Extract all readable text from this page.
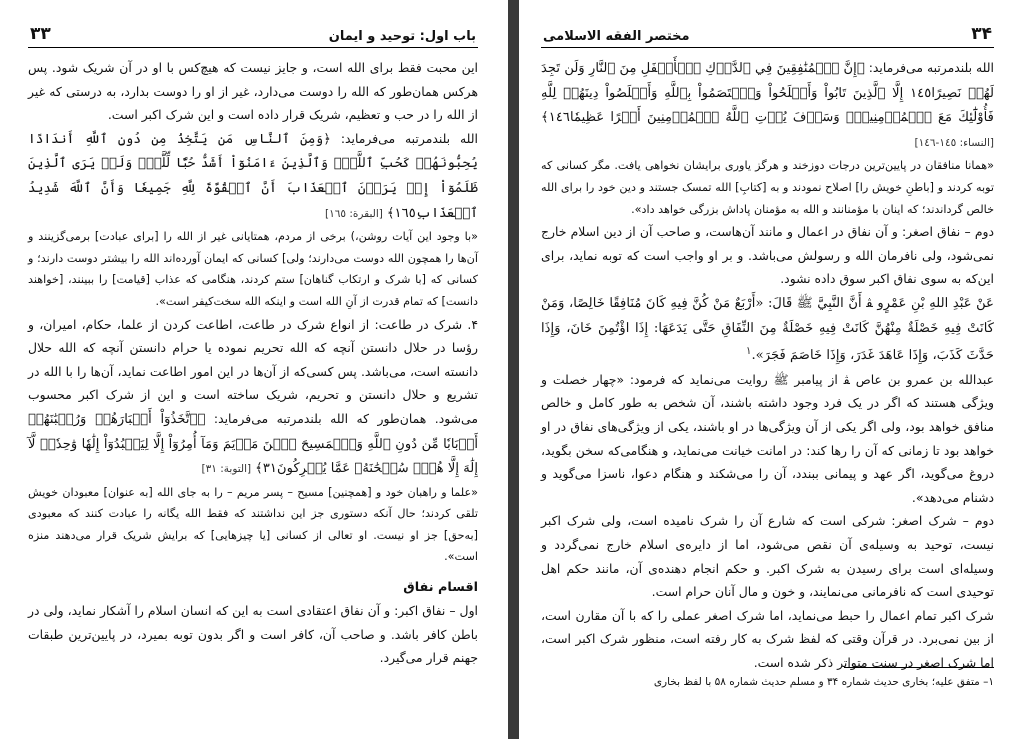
باب اول: توحید و ایمان
۳۳

این محبت فقط برای الله است، و جایز نیست که هیچ‌کس با او در آن شریک شود. پس هرکس همان‌طور که الله را دوست می‌دارد، غیر از او را دوست بدارد، به درستی که غیر از الله را در حب و تعظیم، شریک قرار داده است و این شرک اکبر است.

الله بلندمرتبه می‌فرماید: ﴿وَمِنَ ٱلنَّاسِ مَن يَتَّخِذُ مِن دُونِ ٱللَّهِ أَندَادًا يُحِبُّونَهُمۡ كَحُبِّ ٱللَّهِۖ وَٱلَّذِينَ ءَامَنُوٓاْ أَشَدُّ حُبّٗا لِّلَّهِۗ وَلَوۡ يَرَى ٱلَّذِينَ ظَلَمُوٓاْ إِذۡ يَرَوۡنَ ٱلۡعَذَابَ أَنَّ ٱلۡقُوَّةَ لِلَّهِ جَمِيعٗا وَأَنَّ ٱللَّهَ شَدِيدُ ٱلۡعَذَابِ١٦٥﴾ [البقرة: ١٦٥]

«با وجود این آیات روشن،) برخی از مردم، همتایانی غیر از الله را [برای عبادت] برمی‌گزینند و آن‌ها را همچون الله دوست می‌دارند؛ ولی] کسانی که ایمان آورده‌اند الله را بیشتر دوست دارند؛ و کسانی که [با شرک و ارتکاب گناهان] ستم کردند، هنگامی که عذاب [قیامت] را ببینند، [خواهند دانست] که تمام قدرت از آنِ الله است و اینکه الله سخت‌کیفر است».

۴. شرک در طاعت: از انواع شرک در طاعت، اطاعت کردن از علما، حکام، امیران، و رؤسا در حلال دانستن آنچه که الله تحریم نموده یا حرام دانستن آنچه که الله حلال دانسته است، می‌باشد. پس کسی‌که از آن‌ها در این امور اطاعت نماید، آن‌ها را با الله در تشریع و حلال دانستن و تحریم، شریک ساخته است و این از شرک اکبر محسوب می‌شود. همان‌طور که الله بلندمرتبه می‌فرماید: ﴿ٱتَّخَذُوٓاْ أَحۡبَارَهُمۡ وَرُهۡبَٰنَهُمۡ أَرۡبَابٗا مِّن دُونِ ٱللَّهِ وَٱلۡمَسِيحَ ٱبۡنَ مَرۡيَمَ وَمَآ أُمِرُوٓاْ إِلَّا لِيَعۡبُدُوٓاْ إِلَٰهٗا وَٰحِدٗاۖ لَّآ إِلَٰهَ إِلَّا هُوَۚ سُبۡحَٰنَهُۥ عَمَّا يُشۡرِكُونَ٣١﴾ [التوبة: ٣١]

«علما و راهبان خود و [همچنین] مسیح – پسر مریم – را به جای الله [به عنوان] معبودان خویش تلقی کردند؛ حال آنکه دستوری جز این نداشتند که فقط الله یگانه را عبادت کنند که معبودی [به‌حق] جز او نیست. او تعالی از کسانی [یا چیزهایی] که برایش شریک قرار می‌دهند منزه است».

اقسام نفاق

اول – نفاق اکبر: و آن نفاق اعتقادی است به این که انسان اسلام را آشکار نماید، ولی در باطن کافر باشد. و صاحب آن، کافر است و اگر بدون توبه بمیرد، در پایین‌ترین طبقات جهنم قرار می‌گیرد.

۳۴
مختصر الفقه الاسلامی

الله بلندمرتبه می‌فرماید: ﴿إِنَّ ٱلۡمُنَٰفِقِينَ فِي ٱلدَّرۡكِ ٱلۡأَسۡفَلِ مِنَ ٱلنَّارِ وَلَن تَجِدَ لَهُمۡ نَصِيرًا١٤٥ إِلَّا ٱلَّذِينَ تَابُواْ وَأَصۡلَحُواْ وَٱعۡتَصَمُواْ بِٱللَّهِ وَأَخۡلَصُواْ دِينَهُمۡ لِلَّهِ فَأُوْلَٰٓئِكَ مَعَ ٱلۡمُؤۡمِنِينَۖ وَسَوۡفَ يُؤۡتِ ٱللَّهُ ٱلۡمُؤۡمِنِينَ أَجۡرًا عَظِيمٗا١٤٦﴾ [النساء: ١٤٥-١٤٦]

«همانا منافقان در پایین‌ترین درجات دوزخند و هرگز یاوری برایشان نخواهی یافت. مگر کسانی که توبه کردند و [باطنِ خویش را] اصلاح نمودند و به [کتابِ] الله تمسک جستند و دین خود را برای الله خالص گرداندند؛ که اینان با مؤمنانند و الله به مؤمنان پاداش بزرگی خواهد داد».

دوم – نفاق اصغر: و آن نفاق در اعمال و مانند آن‌هاست، و صاحب آن از دین اسلام خارج نمی‌شود، ولی نافرمان الله و رسولش می‌باشد. و بر او واجب است که توبه نماید، برای این‌که به سوی نفاق اکبر سوق داده نشود.

عَنْ عَبْدِ اللهِ بْنِ عَمْرٍو ﭭ أَنَّ النَّبِيَّ ﷺ قَالَ: «أَرْبَعٌ مَنْ كُنَّ فِيهِ كَانَ مُنَافِقًا خَالِصًا، وَمَنْ كَانَتْ فِيهِ خَصْلَةٌ مِنْهُنَّ كَانَتْ فِيهِ خَصْلَةٌ مِنَ النِّفَاقِ حَتَّى يَدَعَهَا: إِذَا اؤْتُمِنَ خَانَ، وَإِذَا حَدَّثَ كَذَبَ، وَإِذَا عَاهَدَ غَدَرَ، وَإِذَا خَاصَمَ فَجَرَ».$^١$

عبدالله بن عمرو بن عاص ﭭ از پیامبر ﷺ روایت می‌نماید که فرمود: «چهار خصلت و ویژگی هستند که اگر در یک فرد وجود داشته باشند، آن شخص به طور کامل و خالص منافق خواهد بود، ولی اگر یکی از آن ویژگی‌ها در او باشند، یکی از ویژگی‌های نفاق در او خواهد بود تا زمانی که آن را رها کند: در امانت خیانت می‌نماید، و هنگامی‌که سخن بگوید، دروغ می‌گوید، اگر عهد و پیمانی ببندد، آن را می‌شکند و هنگام دعوا، ناسزا می‌گوید و دشنام می‌دهد».

دوم – شرک اصغر: شرکی است که شارع آن را شرک نامیده است، ولی شرک اکبر نیست، توحید به وسیله‌ی آن نقص می‌شود، اما از دایره‌ی اسلام خارج نمی‌گردد و وسیله‌ای است برای رسیدن به شرک اکبر. و حکم انجام دهنده‌ی آن، مانند حکم اهل توحیدی است که نافرمانی می‌نمایند، و خون و مال آنان حرام است.

شرک اکبر تمام اعمال را حبط می‌نماید، اما شرک اصغر عملی را که با آن مقارن است، از بین نمی‌برد. در قرآن وقتی که لفظ شرک به کار رفته است، منظور شرک اکبر است، اما شرک اصغر در سنت متواتر ذکر شده است.

١– متفق علیه؛ بخاری حدیث شماره ۳۴ و مسلم حدیث شماره ۵۸ با لفظ بخاری
